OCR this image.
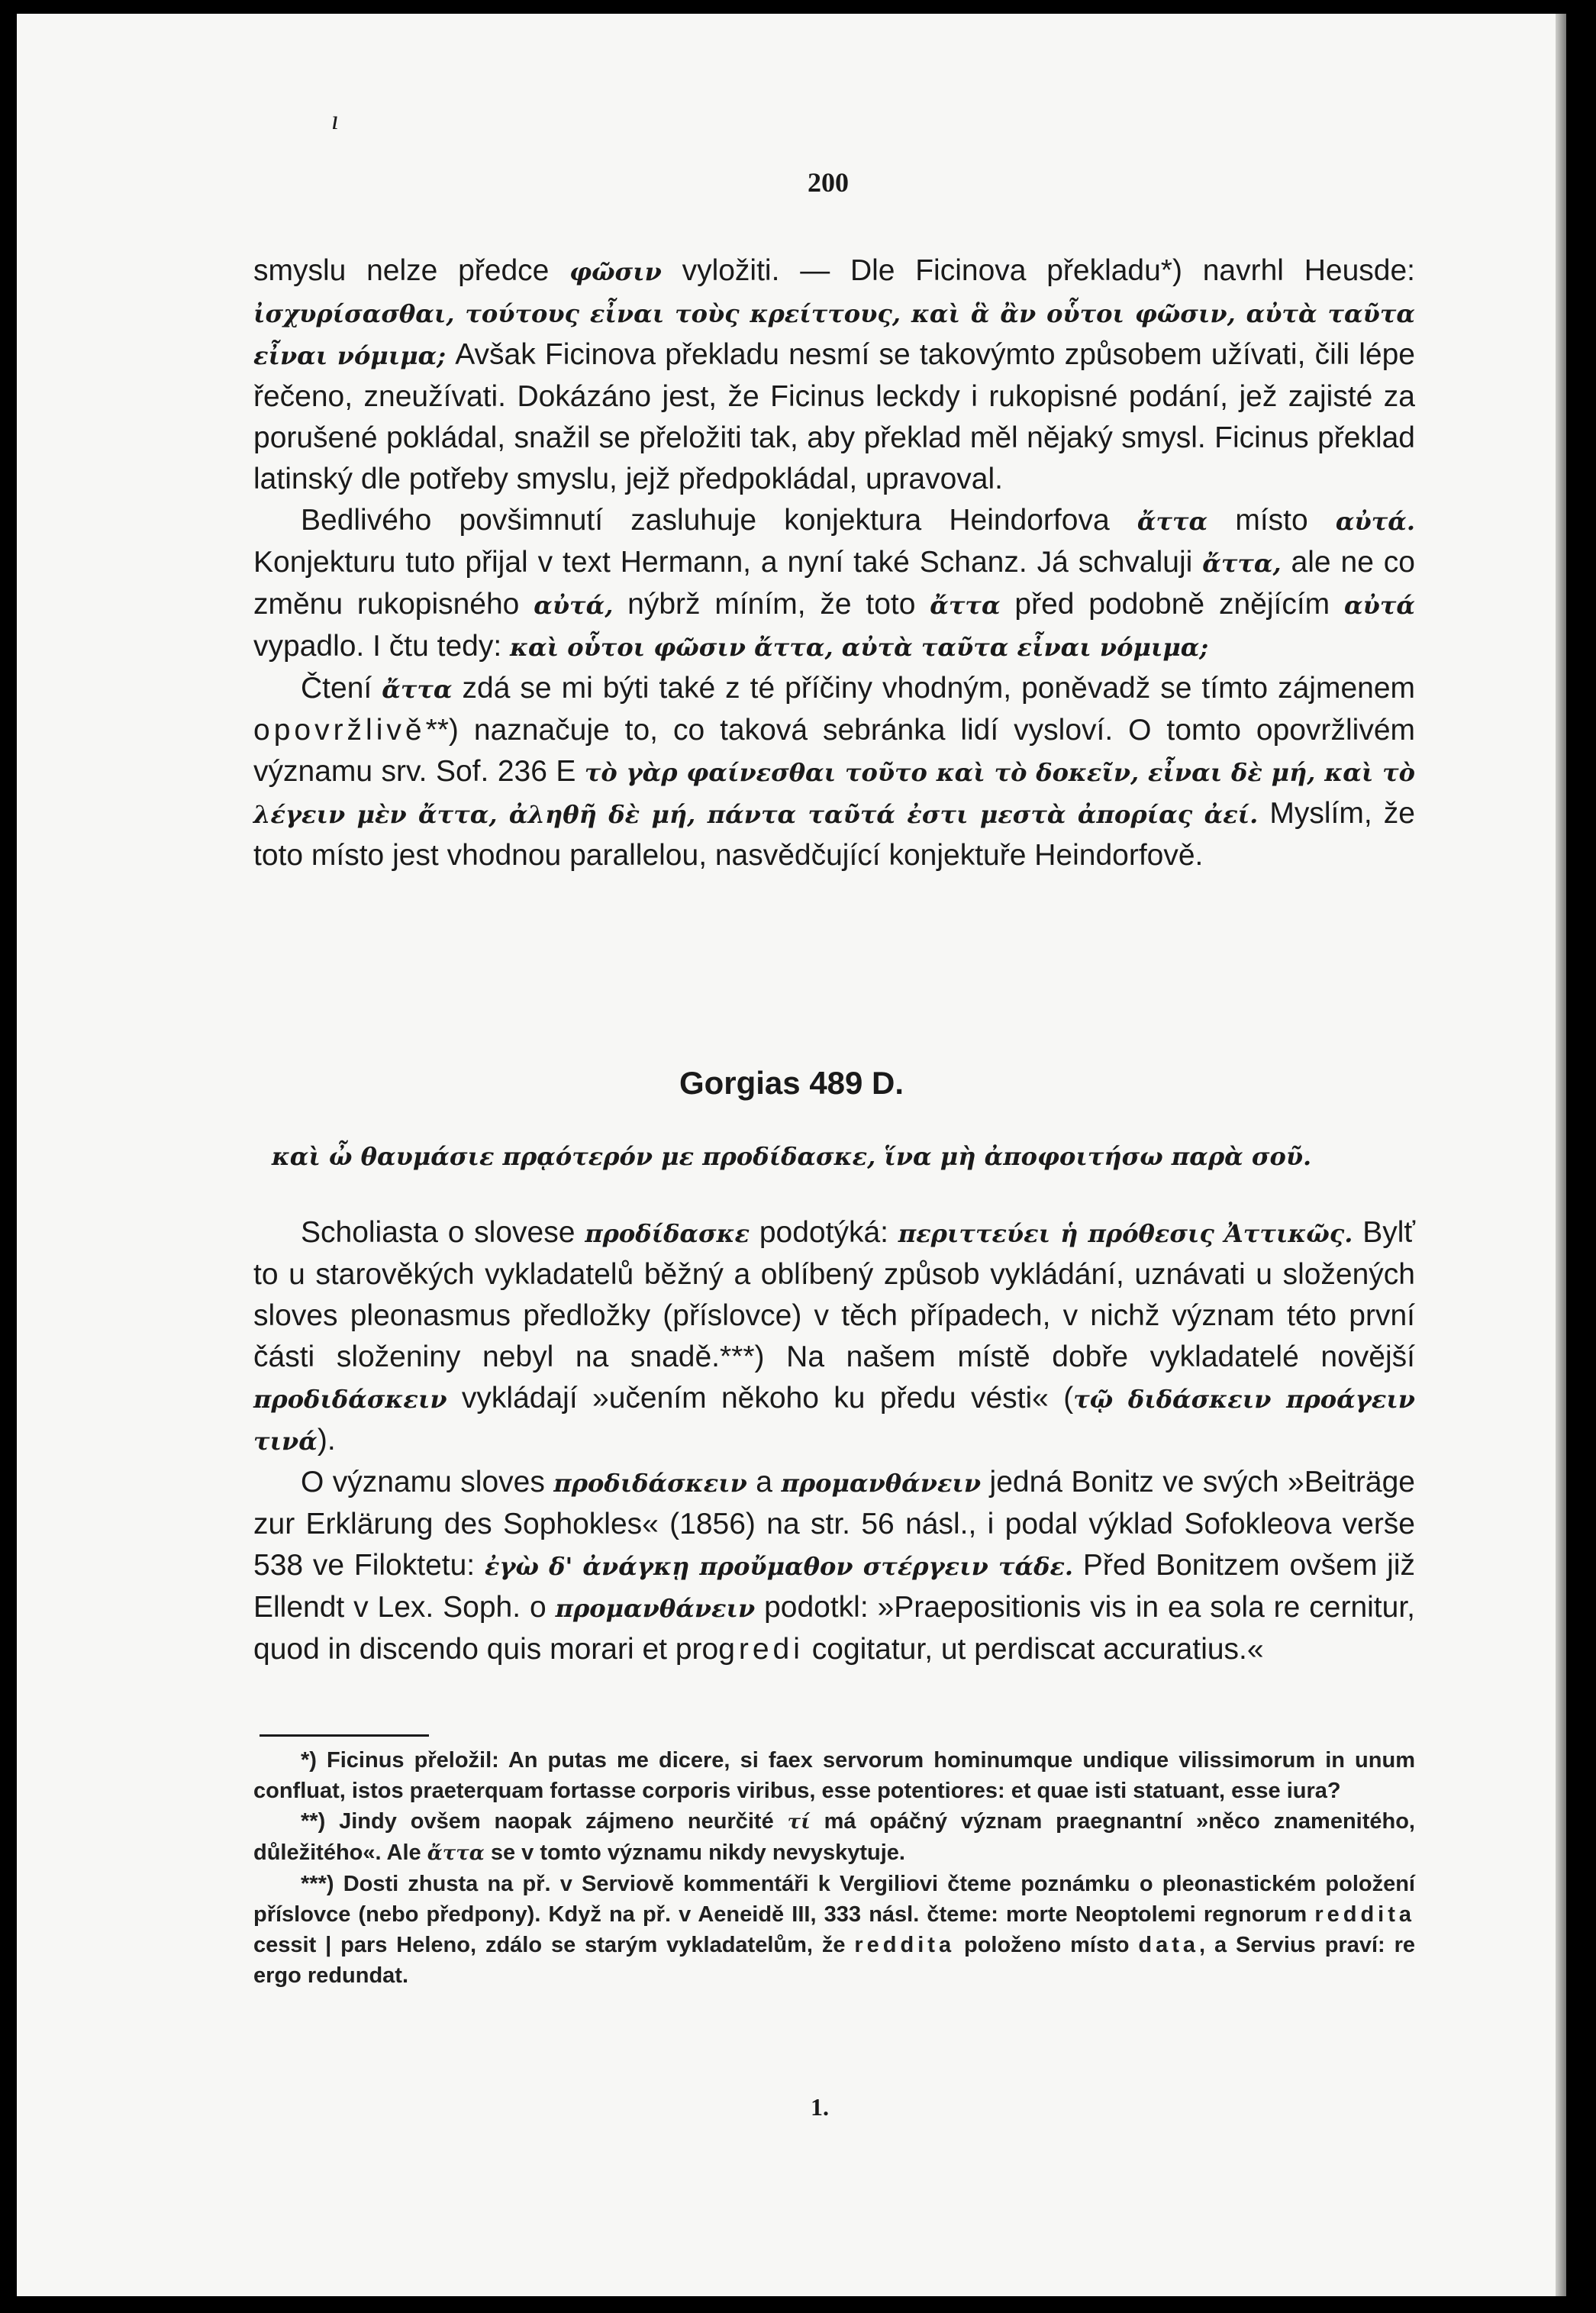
ı
200

smyslu nelze předce φῶσιν vyložiti. — Dle Ficinova překladu*) navrhl Heusde: ἰσχυρίσασθαι, τούτους εἶναι τοὺς κρείττους, καὶ ἃ ἂν οὗτοι φῶσιν, αὐτὰ ταῦτα εἶναι νόμιμα; Avšak Ficinova překladu nesmí se takovýmto způsobem užívati, čili lépe řečeno, zneužívati. Dokázáno jest, že Ficinus leckdy i rukopisné podání, jež zajisté za porušené pokládal, snažil se přeložiti tak, aby překlad měl nějaký smysl. Ficinus překlad latinský dle potřeby smyslu, jejž předpokládal, upravoval.

Bedlivého povšimnutí zasluhuje konjektura Heindorfova ἄττα místo αὐτά. Konjekturu tuto přijal v text Hermann, a nyní také Schanz. Já schvaluji ἄττα, ale ne co změnu rukopisného αὐτά, nýbrž míním, že toto ἄττα před podobně znějícím αὐτά vypadlo. I čtu tedy: καὶ οὗτοι φῶσιν ἄττα, αὐτὰ ταῦτα εἶναι νόμιμα;

Čtení ἄττα zdá se mi býti také z té příčiny vhodným, poněvadž se tímto zájmenem opovržlivě**) naznačuje to, co taková sebránka lidí vysloví. O tomto opovržlivém významu srv. Sof. 236 E τὸ γὰρ φαίνεσθαι τοῦτο καὶ τὸ δοκεῖν, εἶναι δὲ μή, καὶ τὸ λέγειν μὲν ἄττα, ἀληθῆ δὲ μή, πάντα ταῦτά ἐστι μεστὰ ἀπορίας ἀεί. Myslím, že toto místo jest vhodnou parallelou, nasvědčující konjektuře Heindorfově.

Gorgias 489 D.
καὶ ὦ θαυμάσιε πρᾳότερόν με προδίδασκε, ἵνα μὴ ἀποφοιτήσω παρὰ σοῦ.

Scholiasta o slovese προδίδασκε podotýká: περιττεύει ἡ πρόθεσις Ἀττικῶς. Bylť to u starověkých vykladatelů běžný a oblíbený způsob vykládání, uznávati u složených sloves pleonasmus předložky (příslovce) v těch případech, v nichž význam této první části složeniny nebyl na snadě.***) Na našem místě dobře vykladatelé novější προδιδάσκειν vykládají »učením někoho ku předu vésti« (τῷ διδάσκειν προάγειν τινά).

O významu sloves προδιδάσκειν a προμανθάνειν jedná Bonitz ve svých »Beiträge zur Erklärung des Sophokles« (1856) na str. 56 násl., i podal výklad Sofokleova verše 538 ve Filoktetu: ἐγὼ δ' ἀνάγκῃ προὔμαθον στέργειν τάδε. Před Bonitzem ovšem již Ellendt v Lex. Soph. o προμανθάνειν podotkl: »Praepositionis vis in ea sola re cernitur, quod in discendo quis morari et progredi cogitatur, ut perdiscat accuratius.«

*) Ficinus přeložil: An putas me dicere, si faex servorum hominumque undique vilissimorum in unum confluat, istos praeterquam fortasse corporis viribus, esse potentiores: et quae isti statuant, esse iura?

**) Jindy ovšem naopak zájmeno neurčité τί má opáčný význam praegnantní »něco znamenitého, důležitého«. Ale ἄττα se v tomto významu nikdy nevyskytuje.

***) Dosti zhusta na př. v Serviově kommentáři k Vergiliovi čteme poznámku o pleonastickém položení příslovce (nebo předpony). Když na př. v Aeneidě III, 333 násl. čteme: morte Neoptolemi regnorum reddita cessit | pars Heleno, zdálo se starým vykladatelům, že reddita položeno místo data, a Servius praví: re ergo redundat.

1.
